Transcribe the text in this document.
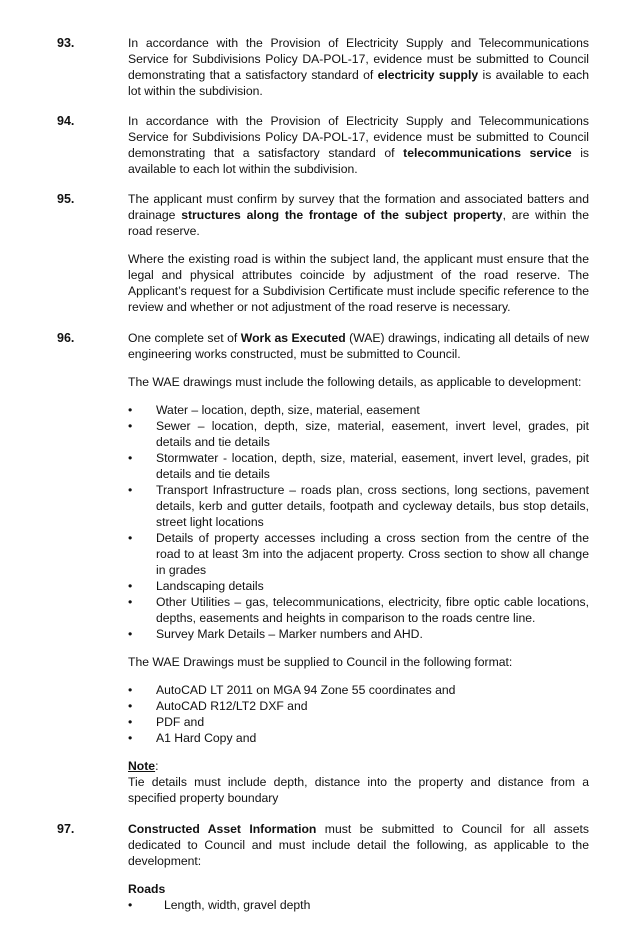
93.	In accordance with the Provision of Electricity Supply and Telecommunications Service for Subdivisions Policy DA-POL-17, evidence must be submitted to Council demonstrating that a satisfactory standard of electricity supply is available to each lot within the subdivision.

94.	In accordance with the Provision of Electricity Supply and Telecommunications Service for Subdivisions Policy DA-POL-17, evidence must be submitted to Council demonstrating that a satisfactory standard of telecommunications service is available to each lot within the subdivision.

95.	The applicant must confirm by survey that the formation and associated batters and drainage structures along the frontage of the subject property, are within the road reserve.

Where the existing road is within the subject land, the applicant must ensure that the legal and physical attributes coincide by adjustment of the road reserve. The Applicant’s request for a Subdivision Certificate must include specific reference to the review and whether or not adjustment of the road reserve is necessary.

96.	One complete set of Work as Executed (WAE) drawings, indicating all details of new engineering works constructed, must be submitted to Council.

The WAE drawings must include the following details, as applicable to development:

•	Water – location, depth, size, material, easement
•	Sewer – location, depth, size, material, easement, invert level, grades, pit details and tie details
•	Stormwater - location, depth, size, material, easement, invert level, grades, pit details and tie details
•	Transport Infrastructure – roads plan, cross sections, long sections, pavement details, kerb and gutter details, footpath and cycleway details, bus stop details, street light locations
•	Details of property accesses including a cross section from the centre of the road to at least 3m into the adjacent property. Cross section to show all change in grades
•	Landscaping details
•	Other Utilities – gas, telecommunications, electricity, fibre optic cable locations, depths, easements and heights in comparison to the roads centre line.
•	Survey Mark Details – Marker numbers and AHD.

The WAE Drawings must be supplied to Council in the following format:

•	AutoCAD LT 2011 on MGA 94 Zone 55 coordinates and
•	AutoCAD R12/LT2 DXF and
•	PDF and
•	A1 Hard Copy and

Note:
Tie details must include depth, distance into the property and distance from a specified property boundary

97.	Constructed Asset Information must be submitted to Council for all assets dedicated to Council and must include detail the following, as applicable to the development:

Roads

•	Length, width, gravel depth
